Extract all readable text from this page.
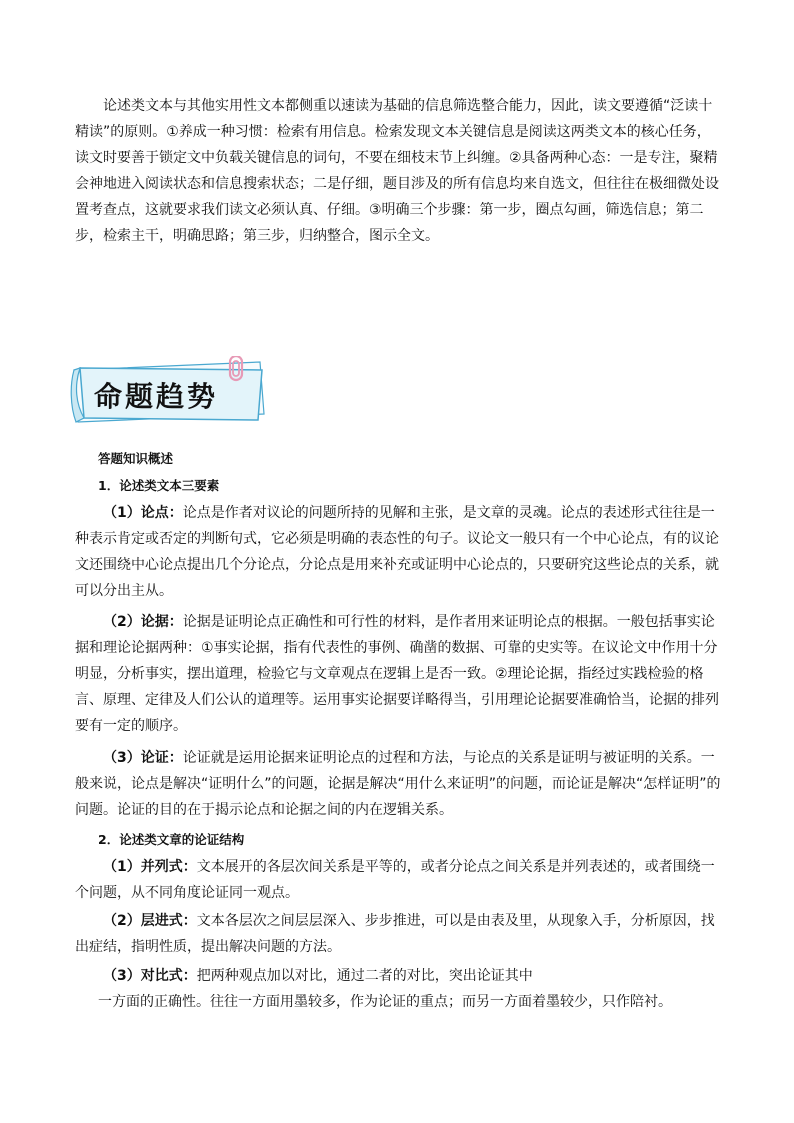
论述类文本与其他实用性文本都侧重以速读为基础的信息筛选整合能力，因此，读文要遵循“泛读十精读”的原则。①养成一种习惯：检索有用信息。检索发现文本关键信息是阅读这两类文本的核心任务，读文时要善于锁定文中负载关键信息的词句，不要在细枝末节上纠缠。②具备两种心态：一是专注，聚精会神地进入阅读状态和信息搜索状态；二是仔细，题目涉及的所有信息均来自选文，但往往在极细微处设置考查点，这就要求我们读文必须认真、仔细。③明确三个步骤：第一步，圈点勾画，筛选信息；第二步，检索主干，明确思路；第三步，归纳整合，图示全文。

命题趋势

答题知识概述

1．论述类文本三要素

（1）论点：论点是作者对议论的问题所持的见解和主张，是文章的灵魂。论点的表述形式往往是一种表示肯定或否定的判断句式，它必须是明确的表态性的句子。议论文一般只有一个中心论点，有的议论文还围绕中心论点提出几个分论点，分论点是用来补充或证明中心论点的，只要研究这些论点的关系，就可以分出主从。

（2）论据：论据是证明论点正确性和可行性的材料，是作者用来证明论点的根据。一般包括事实论据和理论论据两种：①事实论据，指有代表性的事例、确凿的数据、可靠的史实等。在议论文中作用十分明显，分析事实，摆出道理，检验它与文章观点在逻辑上是否一致。②理论论据，指经过实践检验的格言、原理、定律及人们公认的道理等。运用事实论据要详略得当，引用理论论据要准确恰当，论据的排列要有一定的顺序。

（3）论证：论证就是运用论据来证明论点的过程和方法，与论点的关系是证明与被证明的关系。一般来说，论点是解决“证明什么”的问题，论据是解决“用什么来证明”的问题，而论证是解决“怎样证明”的问题。论证的目的在于揭示论点和论据之间的内在逻辑关系。

2．论述类文章的论证结构

（1）并列式：文本展开的各层次间关系是平等的，或者分论点之间关系是并列表述的，或者围绕一个问题，从不同角度论证同一观点。

（2）层进式：文本各层次之间层层深入、步步推进，可以是由表及里，从现象入手，分析原因，找出症结，指明性质，提出解决问题的方法。

（3）对比式：把两种观点加以对比，通过二者的对比，突出论证其中

一方面的正确性。往往一方面用墨较多，作为论证的重点；而另一方面着墨较少，只作陪衬。
